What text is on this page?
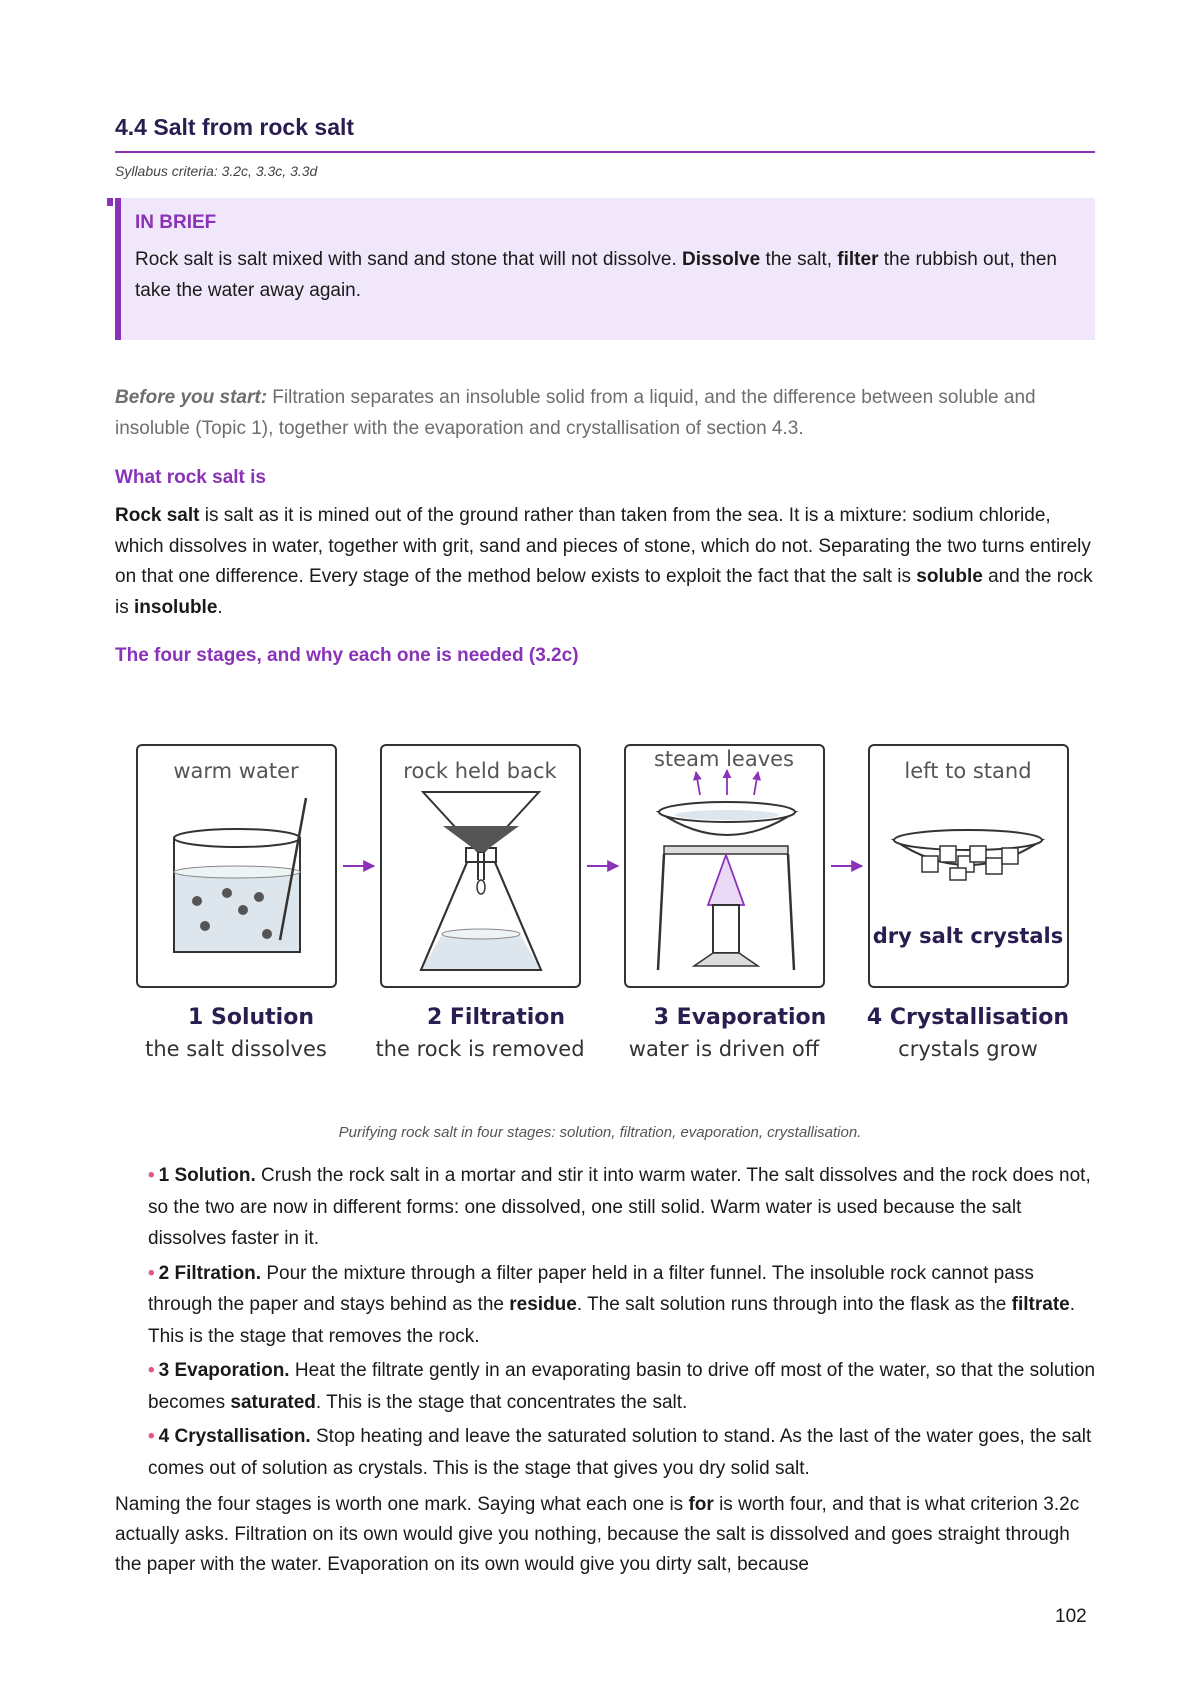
4.4 Salt from rock salt
Syllabus criteria: 3.2c, 3.3c, 3.3d
IN BRIEF
Rock salt is salt mixed with sand and stone that will not dissolve. Dissolve the salt, filter the rubbish out, then take the water away again.
Before you start: Filtration separates an insoluble solid from a liquid, and the difference between soluble and insoluble (Topic 1), together with the evaporation and crystallisation of section 4.3.
What rock salt is
Rock salt is salt as it is mined out of the ground rather than taken from the sea. It is a mixture: sodium chloride, which dissolves in water, together with grit, sand and pieces of stone, which do not. Separating the two turns entirely on that one difference. Every stage of the method below exists to exploit the fact that the salt is soluble and the rock is insoluble.
The four stages, and why each one is needed (3.2c)
warm water
1 Solution
the salt dissolves
rock held back
2 Filtration
the rock is removed
steam leaves
3 Evaporation
water is driven off
left to stand
dry salt crystals
4 Crystallisation
crystals grow
Purifying rock salt in four stages: solution, filtration, evaporation, crystallisation.
• 1 Solution. Crush the rock salt in a mortar and stir it into warm water. The salt dissolves and the rock does not, so the two are now in different forms: one dissolved, one still solid. Warm water is used because the salt dissolves faster in it.
• 2 Filtration. Pour the mixture through a filter paper held in a filter funnel. The insoluble rock cannot pass through the paper and stays behind as the residue. The salt solution runs through into the flask as the filtrate. This is the stage that removes the rock.
• 3 Evaporation. Heat the filtrate gently in an evaporating basin to drive off most of the water, so that the solution becomes saturated. This is the stage that concentrates the salt.
• 4 Crystallisation. Stop heating and leave the saturated solution to stand. As the last of the water goes, the salt comes out of solution as crystals. This is the stage that gives you dry solid salt.
Naming the four stages is worth one mark. Saying what each one is for is worth four, and that is what criterion 3.2c actually asks. Filtration on its own would give you nothing, because the salt is dissolved and goes straight through the paper with the water. Evaporation on its own would give you dirty salt, because
102
